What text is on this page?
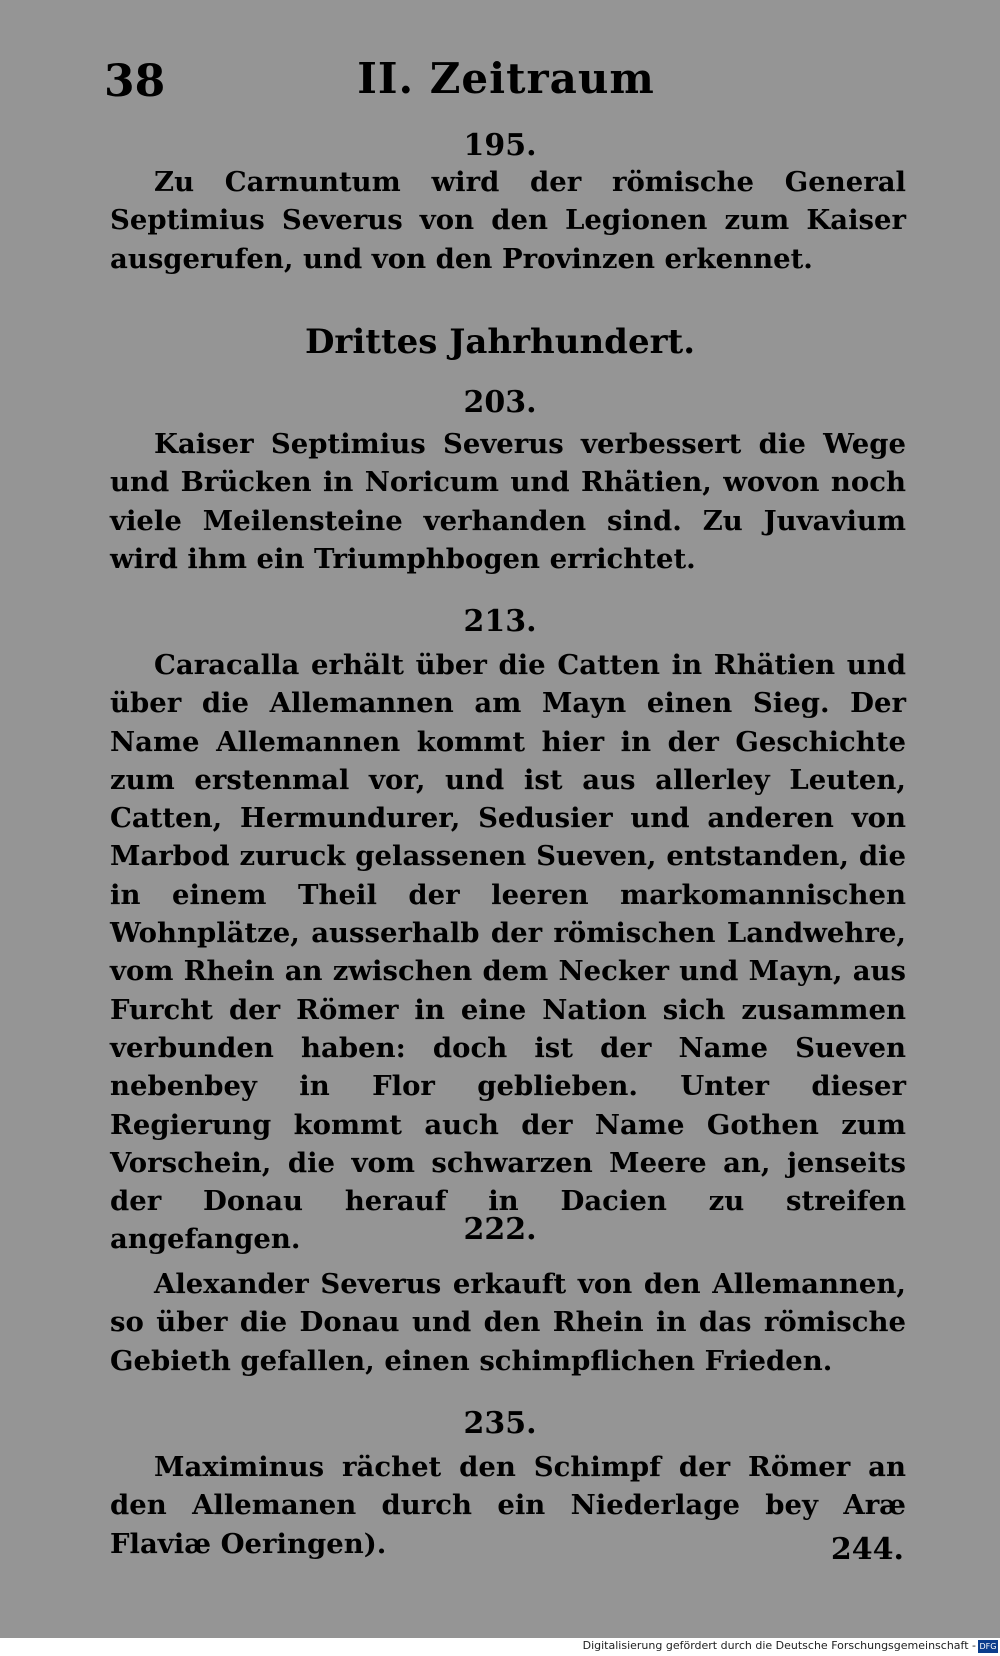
38	II. Zeitraum
195.

Zu Carnuntum wird der römische General Septimius Severus von den Legionen zum Kaiser ausgerufen, und von den Provinzen erkennet.

Drittes Jahrhundert.
203.

Kaiser Septimius Severus verbessert die Wege und Brücken in Noricum und Rhätien, wovon noch viele Meilensteine verhanden sind. Zu Juvavium wird ihm ein Triumphbogen errichtet.

213.

Caracalla erhält über die Catten in Rhätien und über die Allemannen am Mayn einen Sieg. Der Name Allemannen kommt hier in der Geschichte zum erstenmal vor, und ist aus allerley Leuten, Catten, Hermundurer, Sedusier und anderen von Marbod zuruck gelassenen Sueven, entstanden, die in einem Theil der leeren markomannischen Wohnplätze, ausserhalb der römischen Landwehre, vom Rhein an zwischen dem Necker und Mayn, aus Furcht der Römer in eine Nation sich zusammen verbunden haben: doch ist der Name Sueven nebenbey in Flor geblieben. Unter dieser Regierung kommt auch der Name Gothen zum Vorschein, die vom schwarzen Meere an, jenseits der Donau herauf in Dacien zu streifen angefangen.	222.

Alexander Severus erkauft von den Allemannen, so über die Donau und den Rhein in das römische Gebieth gefallen, einen schimpflichen Frieden.

235.

Maximinus rächet den Schimpf der Römer an den Allemanen durch ein Niederlage bey Aræ Flaviæ Oeringen).	244.
Digitalisierung gefördert durch die Deutsche Forschungsgemeinschaft - DFG
